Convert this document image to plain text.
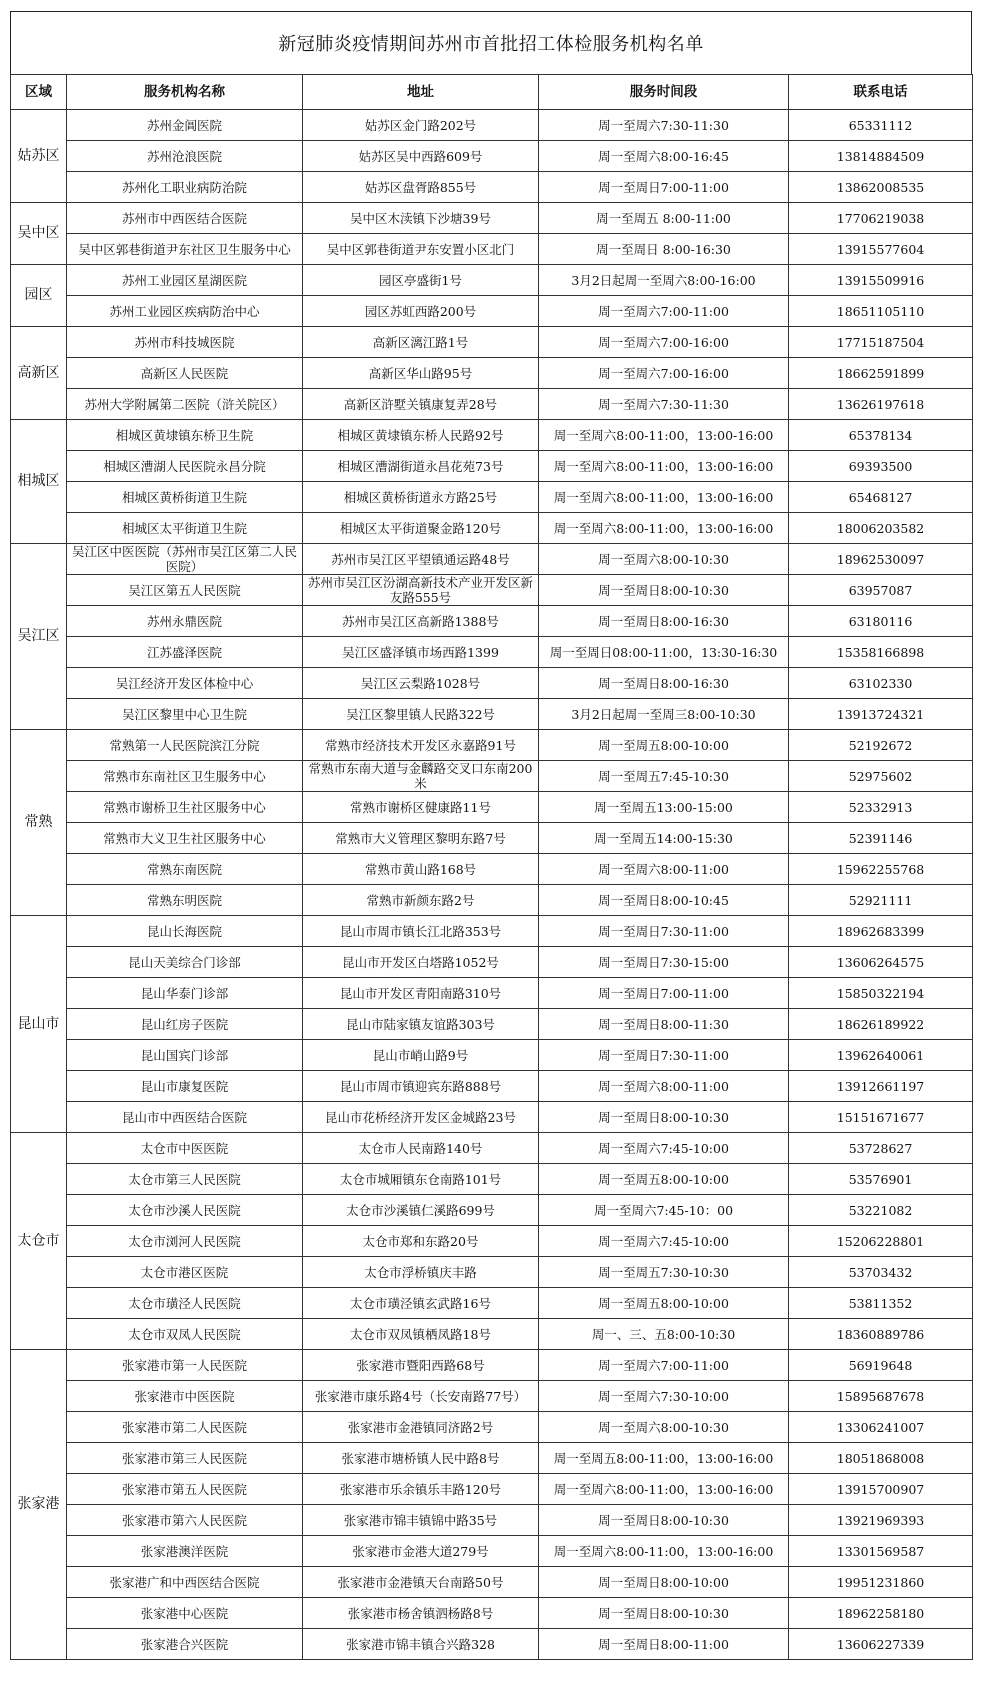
新冠肺炎疫情期间苏州市首批招工体检服务机构名单
区域	服务机构名称	地址	服务时间段	联系电话
姑苏区	苏州金阊医院	姑苏区金门路202号	周一至周六7:30-11:30	65331112
	苏州沧浪医院	姑苏区吴中西路609号	周一至周六8:00-16:45	13814884509
	苏州化工职业病防治院	姑苏区盘胥路855号	周一至周日7:00-11:00	13862008535
吴中区	苏州市中西医结合医院	吴中区木渎镇下沙塘39号	周一至周五 8:00-11:00	17706219038
	吴中区郭巷街道尹东社区卫生服务中心	吴中区郭巷街道尹东安置小区北门	周一至周日 8:00-16:30	13915577604
园区	苏州工业园区星湖医院	园区亭盛街1号	3月2日起周一至周六8:00-16:00	13915509916
	苏州工业园区疾病防治中心	园区苏虹西路200号	周一至周六7:00-11:00	18651105110
高新区	苏州市科技城医院	高新区漓江路1号	周一至周六7:00-16:00	17715187504
	高新区人民医院	高新区华山路95号	周一至周六7:00-16:00	18662591899
	苏州大学附属第二医院（浒关院区）	高新区浒墅关镇康复弄28号	周一至周六7:30-11:30	13626197618
相城区	相城区黄埭镇东桥卫生院	相城区黄埭镇东桥人民路92号	周一至周六8:00-11:00，13:00-16:00	65378134
	相城区漕湖人民医院永昌分院	相城区漕湖街道永昌花苑73号	周一至周六8:00-11:00，13:00-16:00	69393500
	相城区黄桥街道卫生院	相城区黄桥街道永方路25号	周一至周六8:00-11:00，13:00-16:00	65468127
	相城区太平街道卫生院	相城区太平街道聚金路120号	周一至周六8:00-11:00，13:00-16:00	18006203582
吴江区	吴江区中医医院（苏州市吴江区第二人民医院）	苏州市吴江区平望镇通运路48号	周一至周六8:00-10:30	18962530097
	吴江区第五人民医院	苏州市吴江区汾湖高新技术产业开发区新友路555号	周一至周日8:00-10:30	63957087
	苏州永鼎医院	苏州市吴江区高新路1388号	周一至周日8:00-16:30	63180116
	江苏盛泽医院	吴江区盛泽镇市场西路1399	周一至周日08:00-11:00，13:30-16:30	15358166898
	吴江经济开发区体检中心	吴江区云梨路1028号	周一至周日8:00-16:30	63102330
	吴江区黎里中心卫生院	吴江区黎里镇人民路322号	3月2日起周一至周三8:00-10:30	13913724321
常熟	常熟第一人民医院滨江分院	常熟市经济技术开发区永嘉路91号	周一至周五8:00-10:00	52192672
	常熟市东南社区卫生服务中心	常熟市东南大道与金麟路交叉口东南200米	周一至周五7:45-10:30	52975602
	常熟市谢桥卫生社区服务中心	常熟市谢桥区健康路11号	周一至周五13:00-15:00	52332913
	常熟市大义卫生社区服务中心	常熟市大义管理区黎明东路7号	周一至周五14:00-15:30	52391146
	常熟东南医院	常熟市黄山路168号	周一至周六8:00-11:00	15962255768
	常熟东明医院	常熟市新颜东路2号	周一至周日8:00-10:45	52921111
昆山市	昆山长海医院	昆山市周市镇长江北路353号	周一至周日7:30-11:00	18962683399
	昆山天美综合门诊部	昆山市开发区白塔路1052号	周一至周日7:30-15:00	13606264575
	昆山华泰门诊部	昆山市开发区青阳南路310号	周一至周日7:00-11:00	15850322194
	昆山红房子医院	昆山市陆家镇友谊路303号	周一至周日8:00-11:30	18626189922
	昆山国宾门诊部	昆山市峭山路9号	周一至周日7:30-11:00	13962640061
	昆山市康复医院	昆山市周市镇迎宾东路888号	周一至周六8:00-11:00	13912661197
	昆山市中西医结合医院	昆山市花桥经济开发区金城路23号	周一至周日8:00-10:30	15151671677
太仓市	太仓市中医医院	太仓市人民南路140号	周一至周六7:45-10:00	53728627
	太仓市第三人民医院	太仓市城厢镇东仓南路101号	周一至周五8:00-10:00	53576901
	太仓市沙溪人民医院	太仓市沙溪镇仁溪路699号	周一至周六7:45-10：00	53221082
	太仓市浏河人民医院	太仓市郑和东路20号	周一至周六7:45-10:00	15206228801
	太仓市港区医院	太仓市浮桥镇庆丰路	周一至周五7:30-10:30	53703432
	太仓市璜泾人民医院	太仓市璜泾镇玄武路16号	周一至周五8:00-10:00	53811352
	太仓市双凤人民医院	太仓市双凤镇栖凤路18号	周一、三、五8:00-10:30	18360889786
张家港	张家港市第一人民医院	张家港市暨阳西路68号	周一至周六7:00-11:00	56919648
	张家港市中医医院	张家港市康乐路4号（长安南路77号）	周一至周六7:30-10:00	15895687678
	张家港市第二人民医院	张家港市金港镇同济路2号	周一至周六8:00-10:30	13306241007
	张家港市第三人民医院	张家港市塘桥镇人民中路8号	周一至周五8:00-11:00，13:00-16:00	18051868008
	张家港市第五人民医院	张家港市乐余镇乐丰路120号	周一至周六8:00-11:00，13:00-16:00	13915700907
	张家港市第六人民医院	张家港市锦丰镇锦中路35号	周一至周日8:00-10:30	13921969393
	张家港澳洋医院	张家港市金港大道279号	周一至周六8:00-11:00，13:00-16:00	13301569587
	张家港广和中西医结合医院	张家港市金港镇天台南路50号	周一至周日8:00-10:00	19951231860
	张家港中心医院	张家港市杨舍镇泗杨路8号	周一至周日8:00-10:30	18962258180
	张家港合兴医院	张家港市锦丰镇合兴路328	周一至周日8:00-11:00	13606227339
